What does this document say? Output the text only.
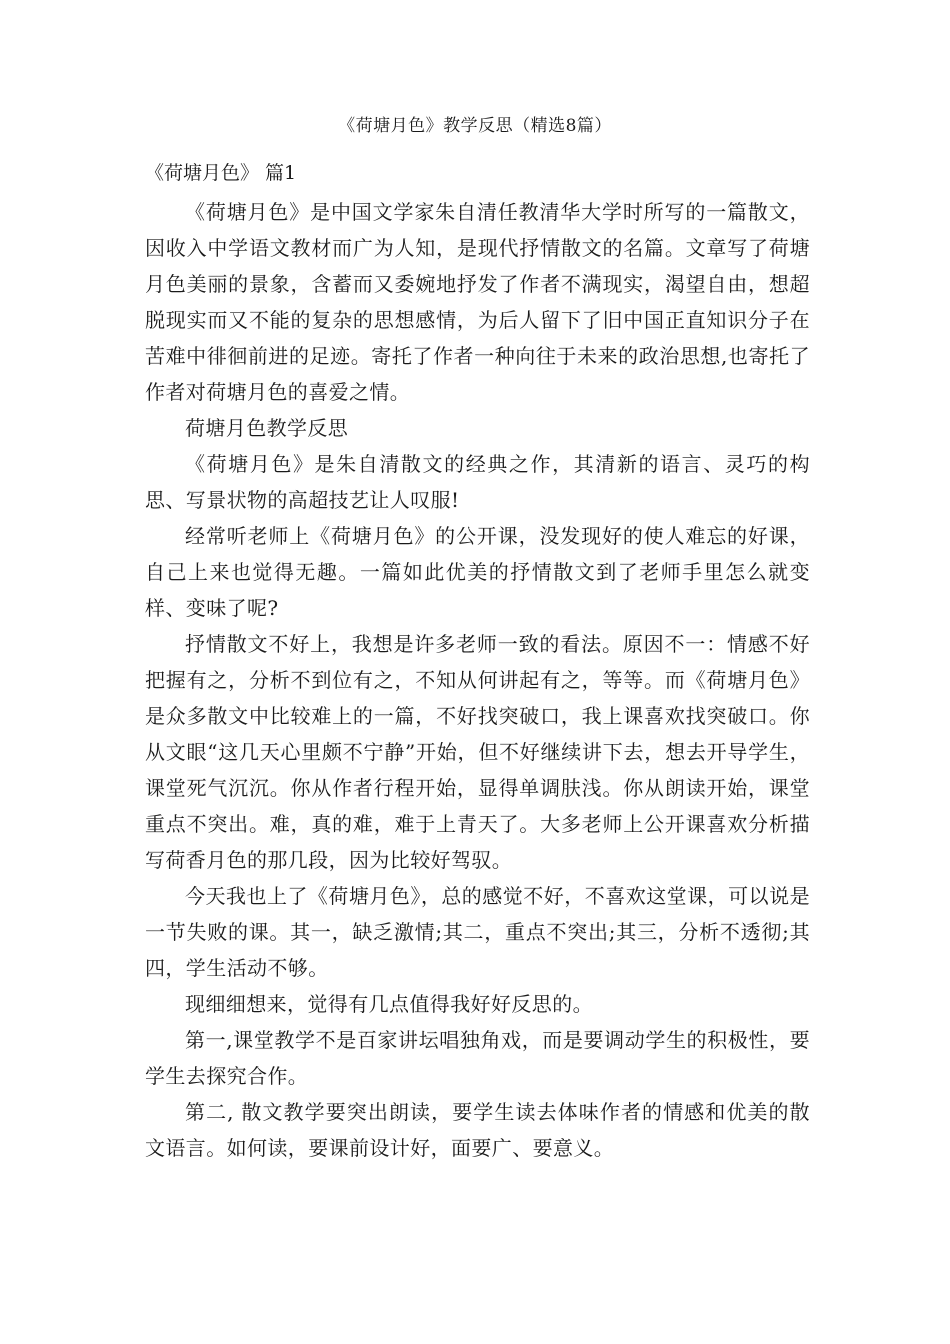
《荷塘月色》教学反思（精选8篇）
《荷塘月色》 篇1

《荷塘月色》是中国文学家朱自清任教清华大学时所写的一篇散文，因收入中学语文教材而广为人知，是现代抒情散文的名篇。文章写了荷塘月色美丽的景象，含蓄而又委婉地抒发了作者不满现实，渴望自由，想超脱现实而又不能的复杂的思想感情，为后人留下了旧中国正直知识分子在苦难中徘徊前进的足迹。寄托了作者一种向往于未来的政治思想,也寄托了作者对荷塘月色的喜爱之情。

荷塘月色教学反思

《荷塘月色》是朱自清散文的经典之作，其清新的语言、灵巧的构思、写景状物的高超技艺让人叹服!

经常听老师上《荷塘月色》的公开课，没发现好的使人难忘的好课，自己上来也觉得无趣。一篇如此优美的抒情散文到了老师手里怎么就变样、变味了呢?

抒情散文不好上，我想是许多老师一致的看法。原因不一：情感不好把握有之，分析不到位有之，不知从何讲起有之，等等。而《荷塘月色》是众多散文中比较难上的一篇，不好找突破口，我上课喜欢找突破口。你从文眼“这几天心里颇不宁静”开始，但不好继续讲下去，想去开导学生，课堂死气沉沉。你从作者行程开始，显得单调肤浅。你从朗读开始，课堂重点不突出。难，真的难，难于上青天了。大多老师上公开课喜欢分析描写荷香月色的那几段，因为比较好驾驭。

今天我也上了《荷塘月色》，总的感觉不好，不喜欢这堂课，可以说是一节失败的课。其一，缺乏激情;其二，重点不突出;其三，分析不透彻;其四，学生活动不够。

现细细想来，觉得有几点值得我好好反思的。

第一,课堂教学不是百家讲坛唱独角戏，而是要调动学生的积极性，要学生去探究合作。

第二, 散文教学要突出朗读，要学生读去体味作者的情感和优美的散文语言。如何读，要课前设计好，面要广、要意义。
